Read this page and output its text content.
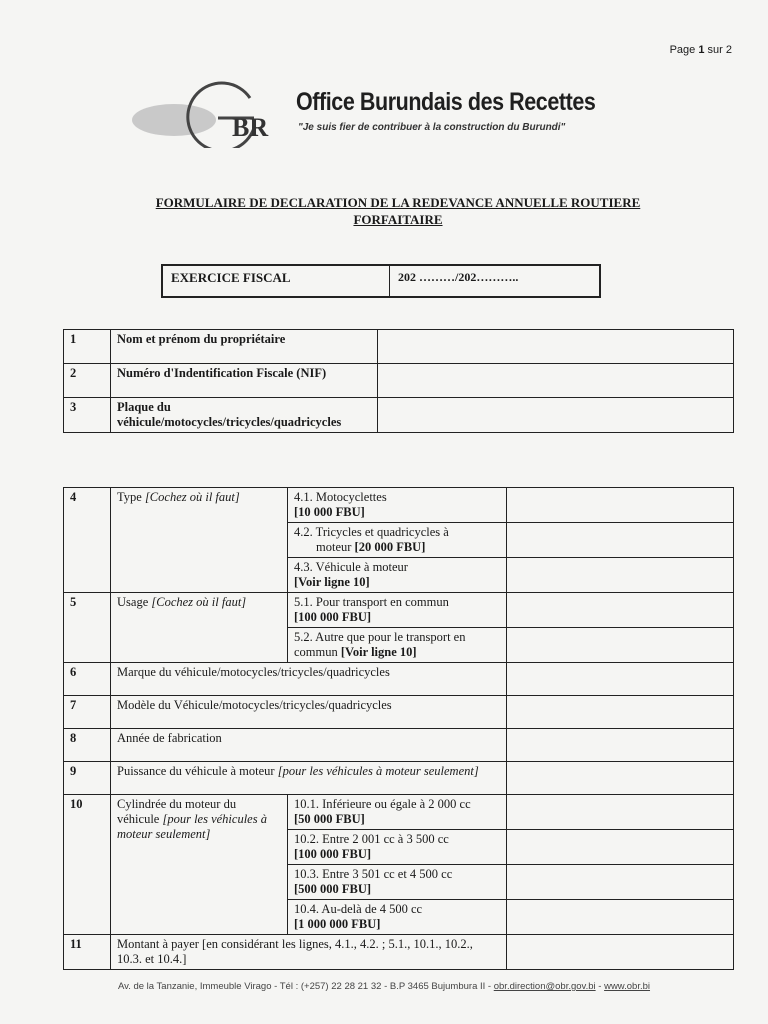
Page 1 sur 2
BR
Office Burundais des Recettes
"Je suis fier de contribuer à la construction du Burundi"
FORMULAIRE DE DECLARATION DE LA REDEVANCE ANNUELLE ROUTIERE
FORFAITAIRE
EXERCICE FISCAL	202 ………/202………..
1	Nom et prénom du propriétaire	
2	Numéro d'Indentification Fiscale (NIF)	
3	Plaque du véhicule/motocycles/tricycles/quadricycles	
4	Type [Cochez où il faut]	4.1. Motocyclettes
[10 000 FBU]	
		4.2. Tricycles et quadricycles à
moteur [20 000 FBU]	
		4.3. Véhicule à moteur
[Voir ligne 10]	
5	Usage [Cochez où il faut]	5.1. Pour transport en commun
[100 000 FBU]	
		5.2. Autre que pour le transport en commun [Voir ligne 10]	
6	Marque du véhicule/motocycles/tricycles/quadricycles		
7	Modèle du Véhicule/motocycles/tricycles/quadricycles		
8	Année de fabrication		
9	Puissance du véhicule à moteur [pour les véhicules à moteur seulement]		
10	Cylindrée du moteur du véhicule [pour les véhicules à moteur seulement]	10.1. Inférieure ou égale à 2 000 cc
[50 000 FBU]	
		10.2. Entre 2 001 cc à 3 500 cc
[100 000 FBU]	
		10.3. Entre 3 501 cc et 4 500 cc
[500 000 FBU]	
		10.4. Au-delà de 4 500 cc
[1 000 000 FBU]	
11	Montant à payer [en considérant les lignes, 4.1., 4.2. ; 5.1., 10.1., 10.2., 10.3. et 10.4.]		
Av. de la Tanzanie, Immeuble Virago - Tél : (+257) 22 28 21 32 - B.P 3465 Bujumbura II - obr.direction@obr.gov.bi - www.obr.bi
